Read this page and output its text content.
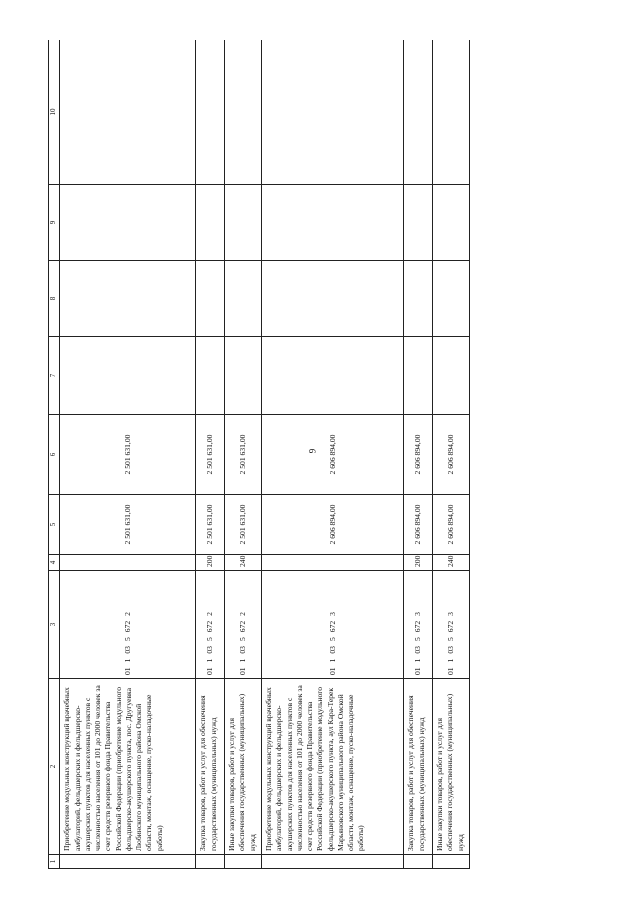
9
1	2	3	4	5	6	7	8	9	10
	Приобретение модульных конструкций врачебных амбулаторий, фельдшерских и фельдшерско-акушерских пунктов для населенных пунктов с численностью населения от 101 до 2000 человек за счет средств резервного фонда Правительства Российской Федерации (приобретение модульного фельдшерско-акушерского пункта, пос. Другуевка Любинского муниципального района Омской области, монтаж, оснащение, пуско-наладочные работы)	0110356722		2 501 631,00	2 501 631,00				
	Закупка товаров, работ и услуг для обеспечения государственных (муниципальных) нужд	0110356722	200	2 501 631,00	2 501 631,00				
	Иные закупки товаров, работ и услуг для обеспечения государственных (муниципальных) нужд	0110356722	240	2 501 631,00	2 501 631,00				
	Приобретение модульных конструкций врачебных амбулаторий, фельдшерских и фельдшерско-акушерских пунктов для населенных пунктов с численностью населения от 101 до 2000 человек за счет средств резервного фонда Правительства Российской Федерации (приобретение модульного фельдшерско-акушерского пункта, аул Кара-Терек Марьяновского муниципального района Омской области, монтаж, оснащение, пуско-наладочные работы)	0110356723		2 606 894,00	2 606 894,00				
	Закупка товаров, работ и услуг для обеспечения государственных (муниципальных) нужд	0110356723	200	2 606 894,00	2 606 894,00				
	Иные закупки товаров, работ и услуг для обеспечения государственных (муниципальных) нужд	0110356723	240	2 606 894,00	2 606 894,00				
